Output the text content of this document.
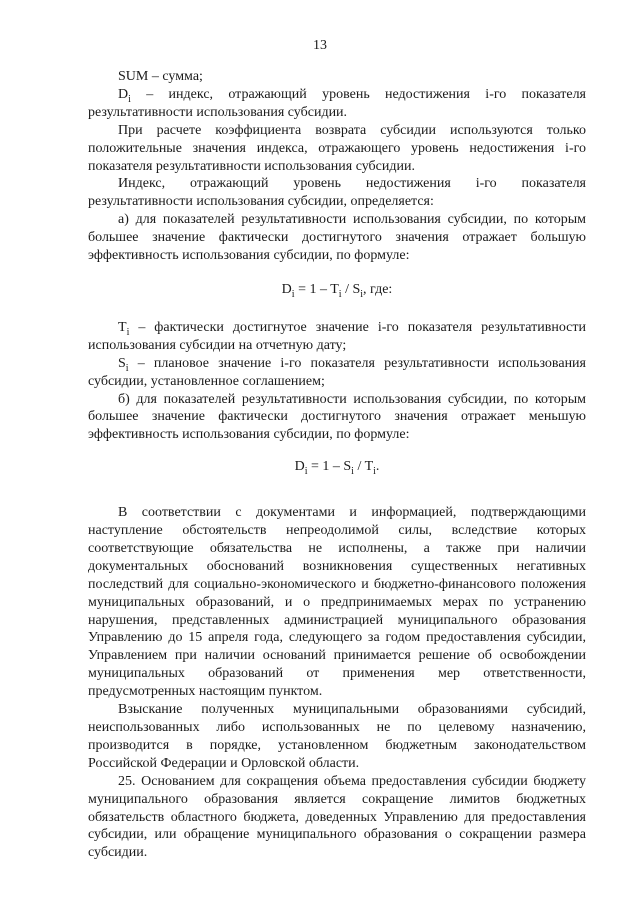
13

SUM – сумма;

$D_i$ – индекс, отражающий уровень недостижения i-го показателя результативности использования субсидии.

При расчете коэффициента возврата субсидии используются только положительные значения индекса, отражающего уровень недостижения i-го показателя результативности использования субсидии.

Индекс, отражающий уровень недостижения i-го показателя результативности использования субсидии, определяется:

а) для показателей результативности использования субсидии, по которым большее значение фактически достигнутого значения отражает большую эффективность использования субсидии, по формуле:

$D_i = 1 - T_i / S_i$, где:

$T_i$ – фактически достигнутое значение i-го показателя результативности использования субсидии на отчетную дату;

$S_i$ – плановое значение i-го показателя результативности использования субсидии, установленное соглашением;

б) для показателей результативности использования субсидии, по которым большее значение фактически достигнутого значения отражает меньшую эффективность использования субсидии, по формуле:

$D_i = 1 - S_i / T_i$.

В соответствии с документами и информацией, подтверждающими наступление обстоятельств непреодолимой силы, вследствие которых соответствующие обязательства не исполнены, а также при наличии документальных обоснований возникновения существенных негативных последствий для социально-экономического и бюджетно-финансового положения муниципальных образований, и о предпринимаемых мерах по устранению нарушения, представленных администрацией муниципального образования Управлению до 15 апреля года, следующего за годом предоставления субсидии, Управлением при наличии оснований принимается решение об освобождении муниципальных образований от применения мер ответственности, предусмотренных настоящим пунктом.

Взыскание полученных муниципальными образованиями субсидий, неиспользованных либо использованных не по целевому назначению, производится в порядке, установленном бюджетным законодательством Российской Федерации и Орловской области.

25. Основанием для сокращения объема предоставления субсидии бюджету муниципального образования является сокращение лимитов бюджетных обязательств областного бюджета, доведенных Управлению для предоставления субсидии, или обращение муниципального образования о сокращении размера субсидии.
